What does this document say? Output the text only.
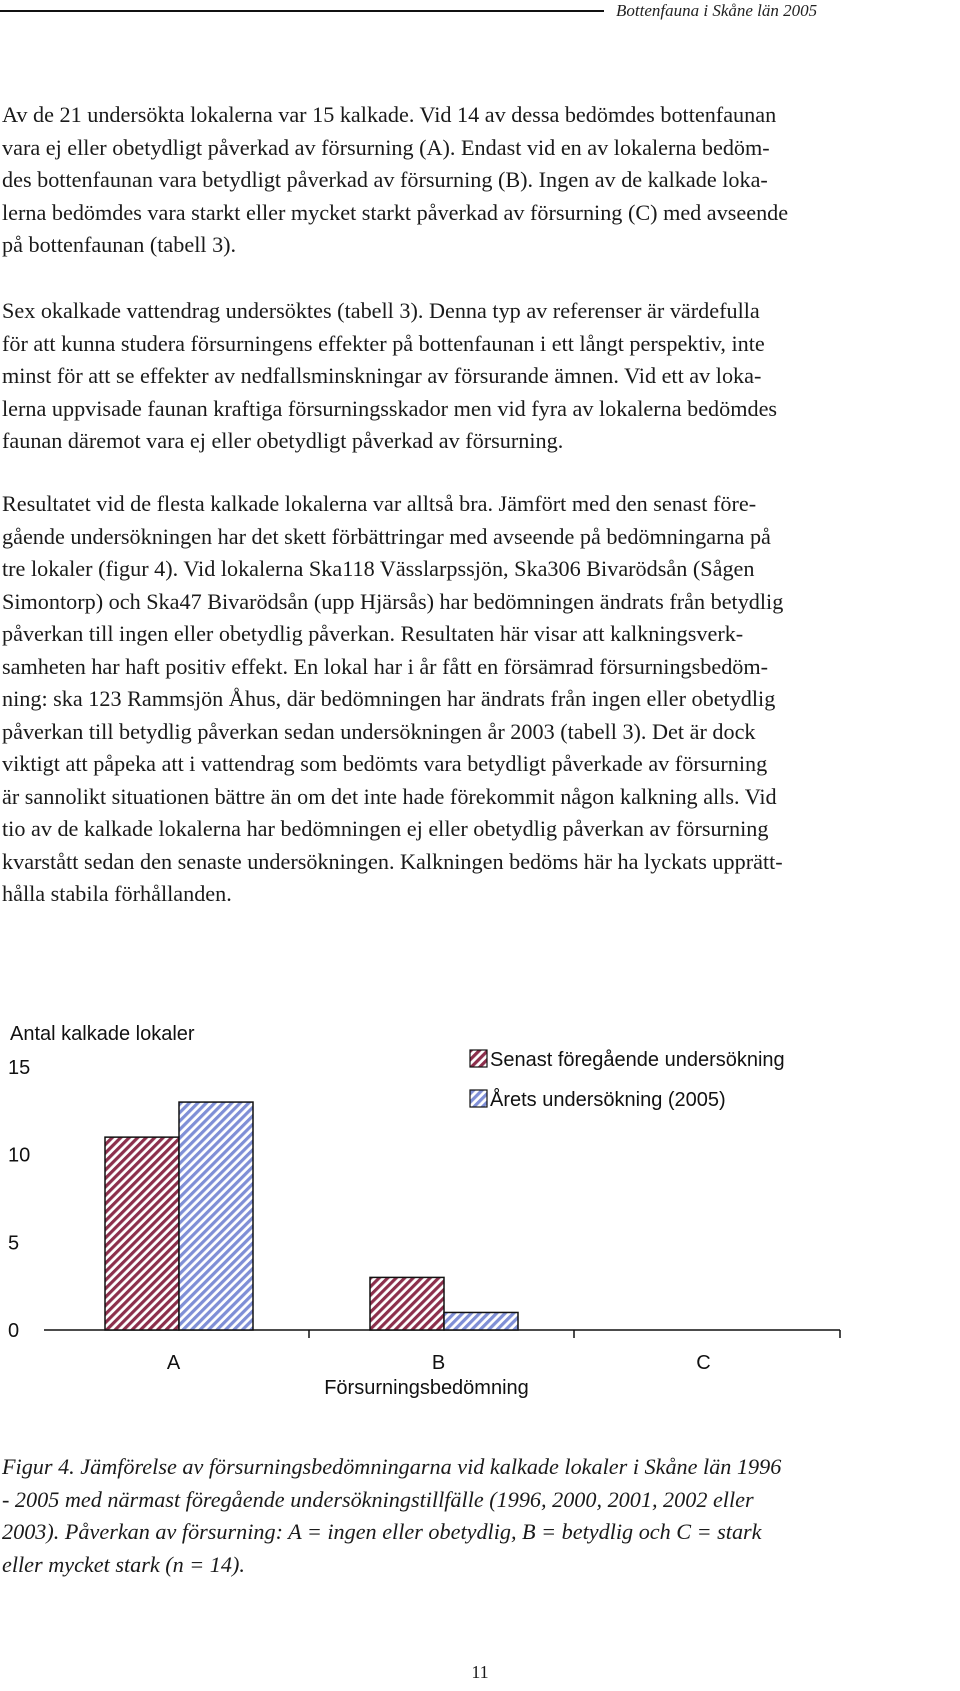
Bottenfauna i Skåne län 2005

Av de 21 undersökta lokalerna var 15 kalkade. Vid 14 av dessa bedömdes bottenfaunan
vara ej eller obetydligt påverkad av försurning (A). Endast vid en av lokalerna bedöm-
des bottenfaunan vara betydligt påverkad av försurning (B). Ingen av de kalkade loka-
lerna bedömdes vara starkt eller mycket starkt påverkad av försurning (C) med avseende
på bottenfaunan (tabell 3).

Sex okalkade vattendrag undersöktes (tabell 3). Denna typ av referenser är värdefulla
för att kunna studera försurningens effekter på bottenfaunan i ett långt perspektiv, inte
minst för att se effekter av nedfallsminskningar av försurande ämnen. Vid ett av loka-
lerna uppvisade faunan kraftiga försurningsskador men vid fyra av lokalerna bedömdes
faunan däremot vara ej eller obetydligt påverkad av försurning.

Resultatet vid de flesta kalkade lokalerna var alltså bra. Jämfört med den senast före-
gående undersökningen har det skett förbättringar med avseende på bedömningarna på
tre lokaler (figur 4). Vid lokalerna Ska118 Vässlarpssjön, Ska306 Bivarödsån (Sågen
Simontorp) och Ska47 Bivarödsån (upp Hjärsås) har bedömningen ändrats från betydlig
påverkan till ingen eller obetydlig påverkan. Resultaten här visar att kalkningsverk-
samheten har haft positiv effekt. En lokal har i år fått en försämrad försurningsbedöm-
ning: ska 123 Rammsjön Åhus, där bedömningen har ändrats från ingen eller obetydlig
påverkan till betydlig påverkan sedan undersökningen år 2003 (tabell 3). Det är dock
viktigt att påpeka att i vattendrag som bedömts vara betydligt påverkade av försurning
är sannolikt situationen bättre än om det inte hade förekommit någon kalkning alls. Vid
tio av de kalkade lokalerna har bedömningen ej eller obetydlig påverkan av försurning
kvarstått sedan den senaste undersökningen. Kalkningen bedöms här ha lyckats upprätt-
hålla stabila förhållanden.

Antal kalkade lokaler
0
5
10
15
A	B	C
Försurningsbedömning
Senast föregående undersökning
Årets undersökning (2005)

Figur 4. Jämförelse av försurningsbedömningarna vid kalkade lokaler i Skåne län 1996
- 2005 med närmast föregående undersökningstillfälle (1996, 2000, 2001, 2002 eller
2003). Påverkan av försurning: A = ingen eller obetydlig, B = betydlig och C = stark
eller mycket stark (n = 14).

11
